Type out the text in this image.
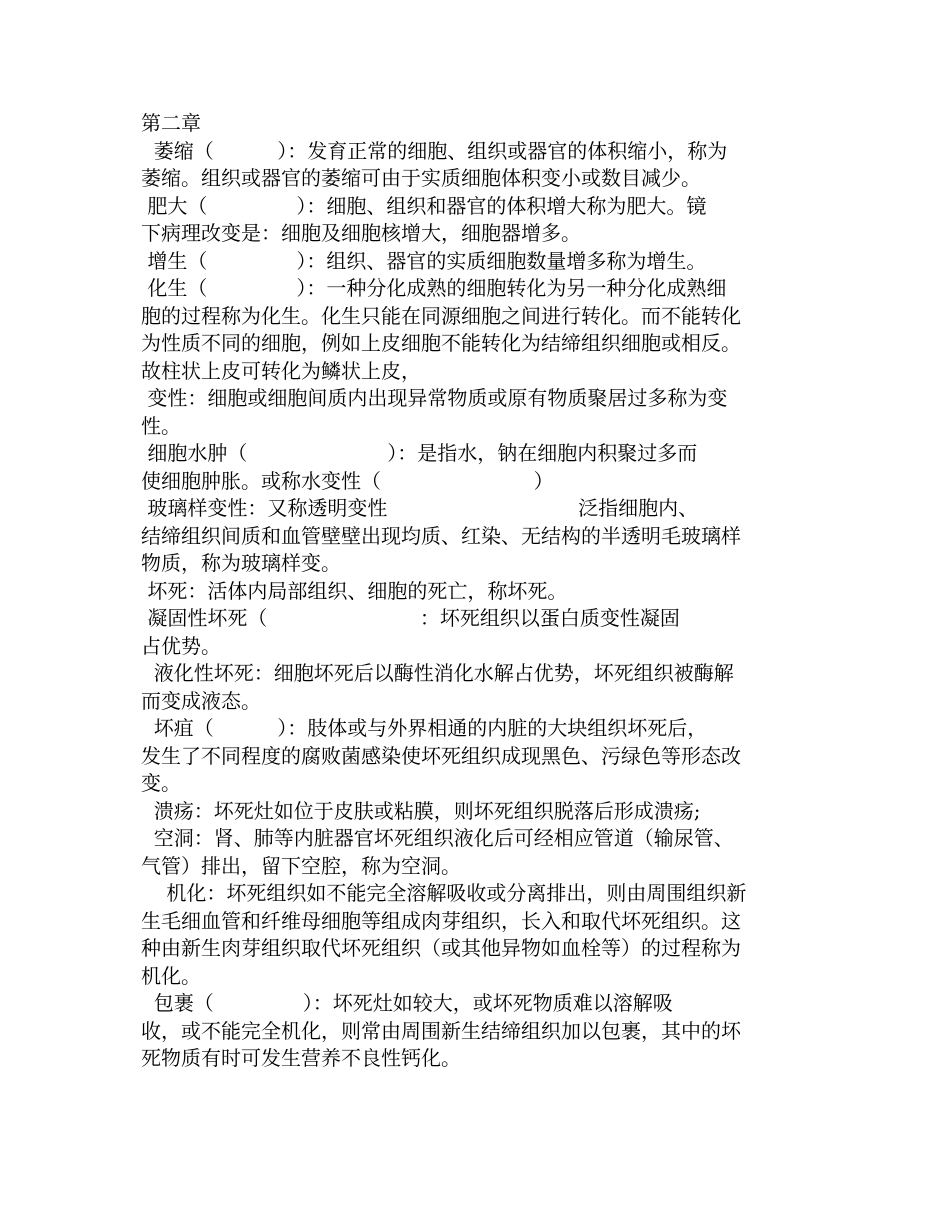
第二章
萎缩（          ）：发育正常的细胞、组织或器官的体积缩小，称为
萎缩。组织或器官的萎缩可由于实质细胞体积变小或数目减少。
肥大（              ）：细胞、组织和器官的体积增大称为肥大。镜
下病理改变是：细胞及细胞核增大，细胞器增多。
增生（              ）：组织、器官的实质细胞数量增多称为增生。
化生（              ）：一种分化成熟的细胞转化为另一种分化成熟细
胞的过程称为化生。化生只能在同源细胞之间进行转化。而不能转化
为性质不同的细胞，例如上皮细胞不能转化为结缔组织细胞或相反。
故柱状上皮可转化为鳞状上皮，
变性：细胞或细胞间质内出现异常物质或原有物质聚居过多称为变
性。
细胞水肿（                      ）：是指水，钠在细胞内积聚过多而
使细胞肿胀。或称水变性（                        ）
玻璃样变性：又称透明变性                              泛指细胞内、
结缔组织间质和血管壁壁出现均质、红染、无结构的半透明毛玻璃样
物质，称为玻璃样变。
坏死：活体内局部组织、细胞的死亡，称坏死。
凝固性坏死（                        ：坏死组织以蛋白质变性凝固
占优势。
液化性坏死：细胞坏死后以酶性消化水解占优势，坏死组织被酶解
而变成液态。
坏疽（          ）：肢体或与外界相通的内脏的大块组织坏死后，
发生了不同程度的腐败菌感染使坏死组织成现黑色、污绿色等形态改
变。
溃疡：坏死灶如位于皮肤或粘膜，则坏死组织脱落后形成溃疡;
空洞：肾、肺等内脏器官坏死组织液化后可经相应管道（输尿管、
气管）排出，留下空腔，称为空洞。
机化：坏死组织如不能完全溶解吸收或分离排出，则由周围组织新
生毛细血管和纤维母细胞等组成肉芽组织，长入和取代坏死组织。这
种由新生肉芽组织取代坏死组织（或其他异物如血栓等）的过程称为
机化。
包裹（              ）：坏死灶如较大，或坏死物质难以溶解吸
收，或不能完全机化，则常由周围新生结缔组织加以包裹，其中的坏
死物质有时可发生营养不良性钙化。
